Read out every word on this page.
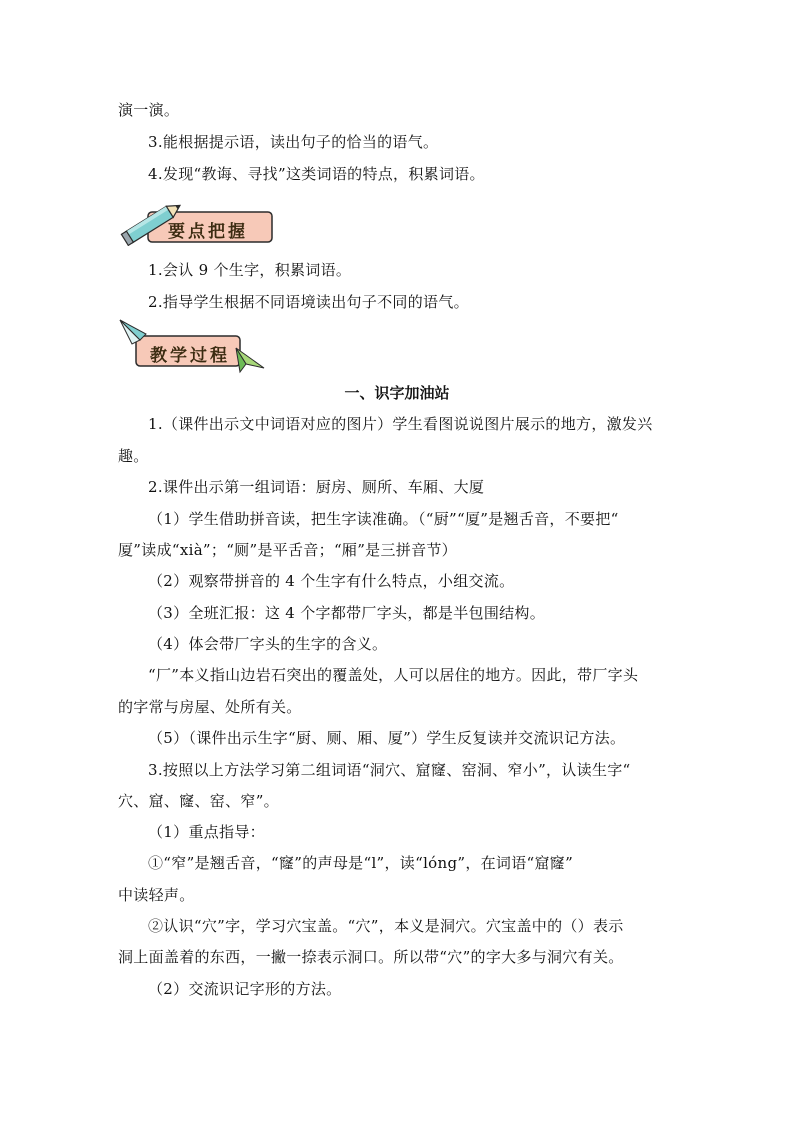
演一演。
3.能根据提示语，读出句子的恰当的语气。
4.发现“教诲、寻找”这类词语的特点，积累词语。
要点把握
1.会认 9 个生字，积累词语。
2.指导学生根据不同语境读出句子不同的语气。
教学过程
一、识字加油站
1.（课件出示文中词语对应的图片）学生看图说说图片展示的地方，激发兴
趣。
2.课件出示第一组词语：厨房、厕所、车厢、大厦
（1）学生借助拼音读，把生字读准确。（“厨”“厦”是翘舌音，不要把“
厦”读成“xià”；“厕”是平舌音；“厢”是三拼音节）
（2）观察带拼音的 4 个生字有什么特点，小组交流。
（3）全班汇报：这 4 个字都带厂字头，都是半包围结构。
（4）体会带厂字头的生字的含义。
“厂”本义指山边岩石突出的覆盖处，人可以居住的地方。因此，带厂字头
的字常与房屋、处所有关。
（5）（课件出示生字“厨、厕、厢、厦”）学生反复读并交流识记方法。
3.按照以上方法学习第二组词语“洞穴、窟窿、窑洞、窄小”，认读生字“
穴、窟、窿、窑、窄”。
（1）重点指导：
①“窄”是翘舌音，“窿”的声母是“l”，读“lóng”，在词语“窟窿”
中读轻声。
②认识“穴”字，学习穴宝盖。“穴”，本义是洞穴。穴宝盖中的（）表示
洞上面盖着的东西，一撇一捺表示洞口。所以带“穴”的字大多与洞穴有关。
（2）交流识记字形的方法。
